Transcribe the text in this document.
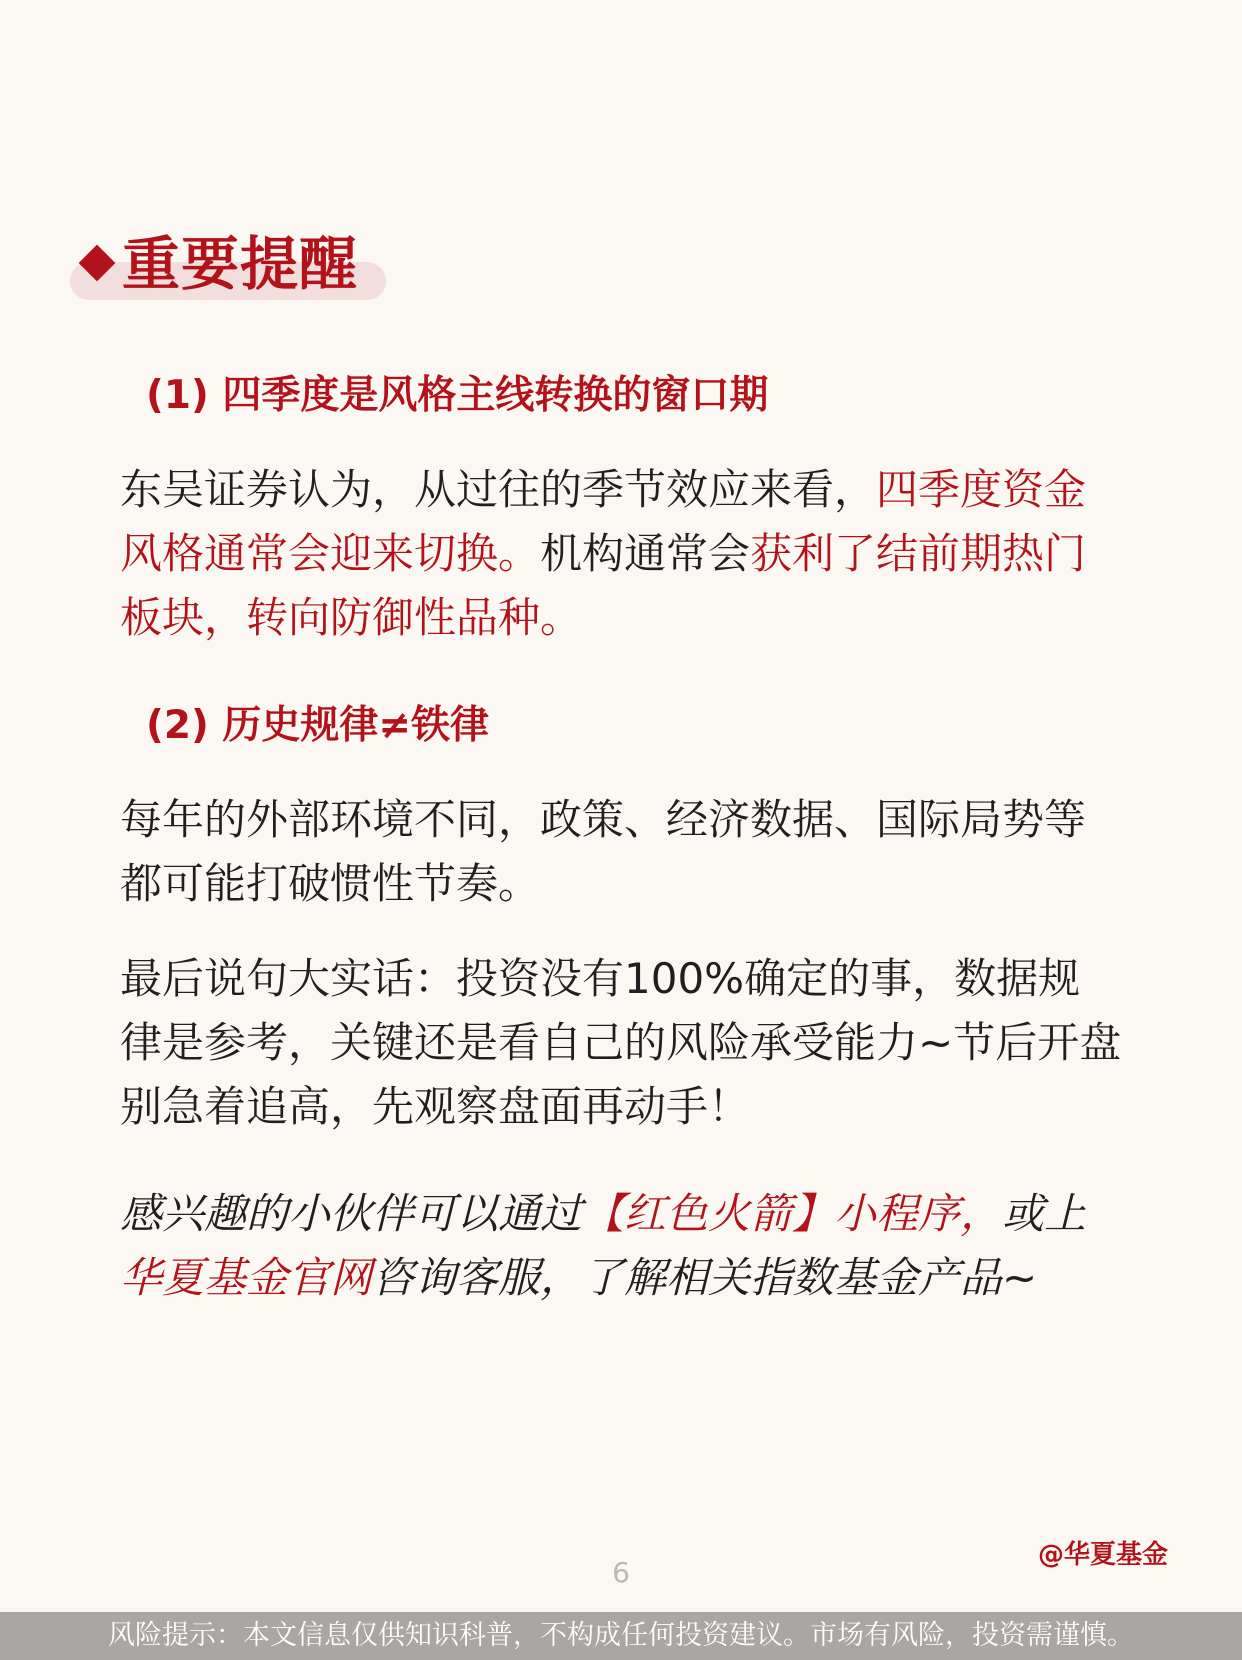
重要提醒
(1) 四季度是风格主线转换的窗口期

东吴证券认为，从过往的季节效应来看，四季度资金风格通常会迎来切换。机构通常会获利了结前期热门板块，转向防御性品种。

(2) 历史规律≠铁律

每年的外部环境不同，政策、经济数据、国际局势等都可能打破惯性节奏。

最后说句大实话：投资没有100%确定的事，数据规律是参考，关键还是看自己的风险承受能力~节后开盘别急着追高，先观察盘面再动手！

感兴趣的小伙伴可以通过【红色火箭】小程序，或上华夏基金官网咨询客服，了解相关指数基金产品~

@华夏基金
6
风险提示：本文信息仅供知识科普，不构成任何投资建议。市场有风险，投资需谨慎。
